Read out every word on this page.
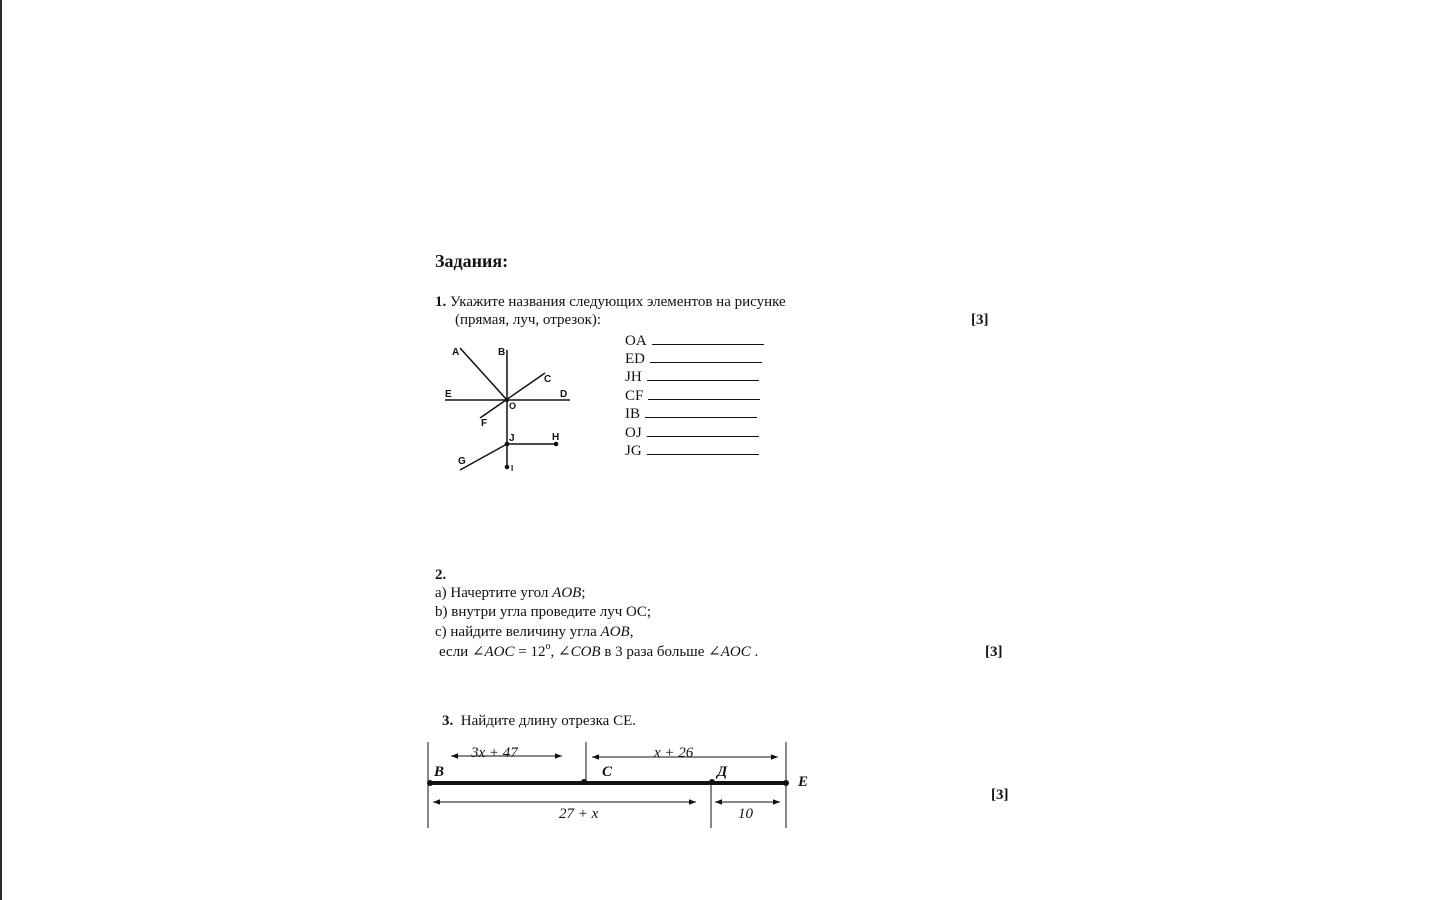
Задания:
1. Укажите названия следующих элементов на рисунке
(прямая, луч, отрезок):	[3]
A	B
C
D
E
O
F
J	H
G
I
OA
ED
JH
CF
IB
OJ
JG
2.
a) Начертите угол AOB;
b) внутри угла проведите луч OC;
c) найдите величину угла AOB,
если ∠AOC = $12^o$, ∠COB в 3 раза больше ∠AOC .	[3]
3. Найдите длину отрезка CE.
[3]
3x + 47	x + 26
27 + x	10
B	C	Д
E
